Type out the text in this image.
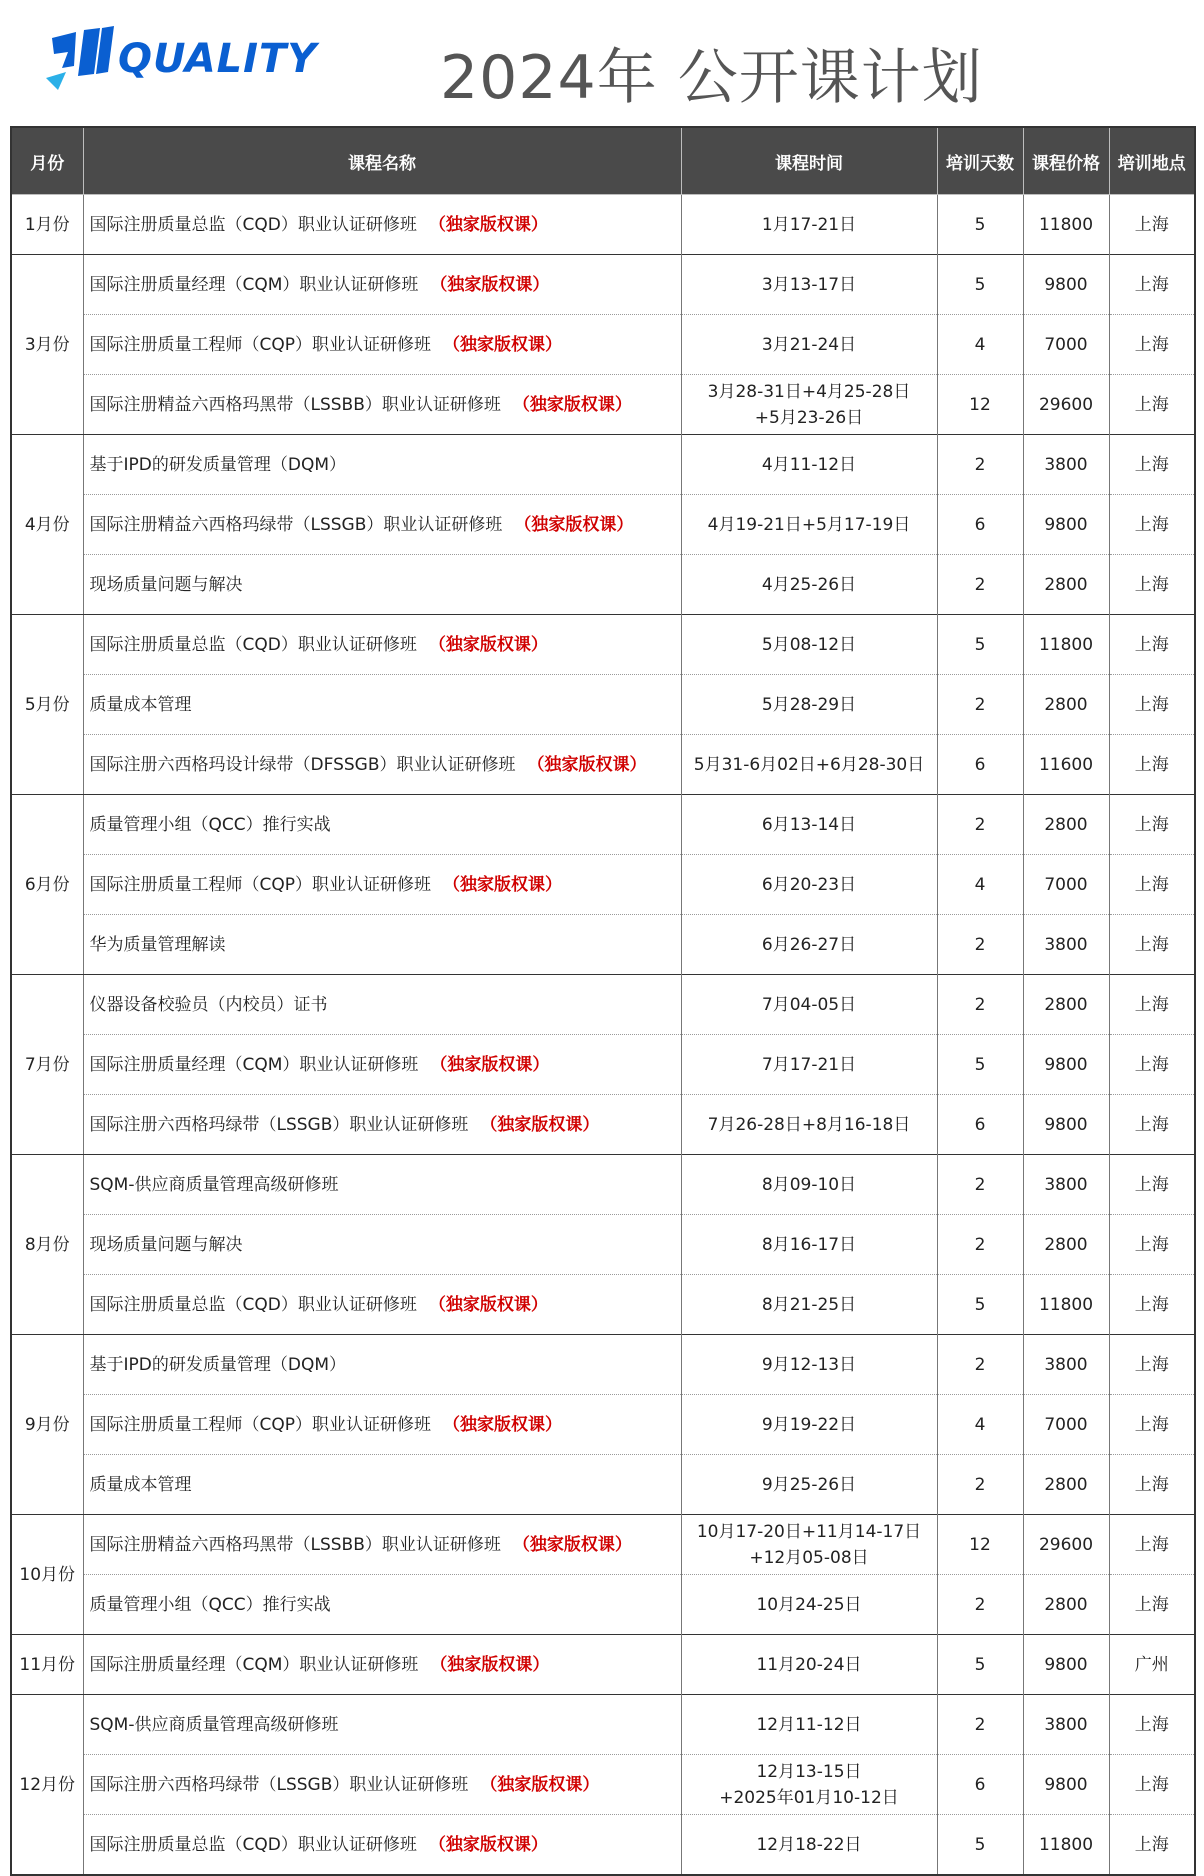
QUALITY 2024年 公开课计划
月份	课程名称	课程时间	培训天数	课程价格	培训地点
1月份	国际注册质量总监（CQD）职业认证研修班 （独家版权课）	1月17-21日	5	11800	上海
3月份	国际注册质量经理（CQM）职业认证研修班 （独家版权课）	3月13-17日	5	9800	上海
	国际注册质量工程师（CQP）职业认证研修班 （独家版权课）	3月21-24日	4	7000	上海
	国际注册精益六西格玛黑带（LSSBB）职业认证研修班 （独家版权课）	3月28-31日+4月25-28日
+5月23-26日	12	29600	上海
4月份	基于IPD的研发质量管理（DQM）	4月11-12日	2	3800	上海
	国际注册精益六西格玛绿带（LSSGB）职业认证研修班 （独家版权课）	4月19-21日+5月17-19日	6	9800	上海
	现场质量问题与解决	4月25-26日	2	2800	上海
5月份	国际注册质量总监（CQD）职业认证研修班 （独家版权课）	5月08-12日	5	11800	上海
	质量成本管理	5月28-29日	2	2800	上海
	国际注册六西格玛设计绿带（DFSSGB）职业认证研修班 （独家版权课）	5月31-6月02日+6月28-30日	6	11600	上海
6月份	质量管理小组（QCC）推行实战	6月13-14日	2	2800	上海
	国际注册质量工程师（CQP）职业认证研修班 （独家版权课）	6月20-23日	4	7000	上海
	华为质量管理解读	6月26-27日	2	3800	上海
7月份	仪器设备校验员（内校员）证书	7月04-05日	2	2800	上海
	国际注册质量经理（CQM）职业认证研修班 （独家版权课）	7月17-21日	5	9800	上海
	国际注册六西格玛绿带（LSSGB）职业认证研修班 （独家版权课）	7月26-28日+8月16-18日	6	9800	上海
8月份	SQM-供应商质量管理高级研修班	8月09-10日	2	3800	上海
	现场质量问题与解决	8月16-17日	2	2800	上海
	国际注册质量总监（CQD）职业认证研修班 （独家版权课）	8月21-25日	5	11800	上海
9月份	基于IPD的研发质量管理（DQM）	9月12-13日	2	3800	上海
	国际注册质量工程师（CQP）职业认证研修班 （独家版权课）	9月19-22日	4	7000	上海
	质量成本管理	9月25-26日	2	2800	上海
10月份	国际注册精益六西格玛黑带（LSSBB）职业认证研修班 （独家版权课）	10月17-20日+11月14-17日
+12月05-08日	12	29600	上海
	质量管理小组（QCC）推行实战	10月24-25日	2	2800	上海
11月份	国际注册质量经理（CQM）职业认证研修班 （独家版权课）	11月20-24日	5	9800	广州
12月份	SQM-供应商质量管理高级研修班	12月11-12日	2	3800	上海
	国际注册六西格玛绿带（LSSGB）职业认证研修班 （独家版权课）	12月13-15日
+2025年01月10-12日	6	9800	上海
	国际注册质量总监（CQD）职业认证研修班 （独家版权课）	12月18-22日	5	11800	上海
